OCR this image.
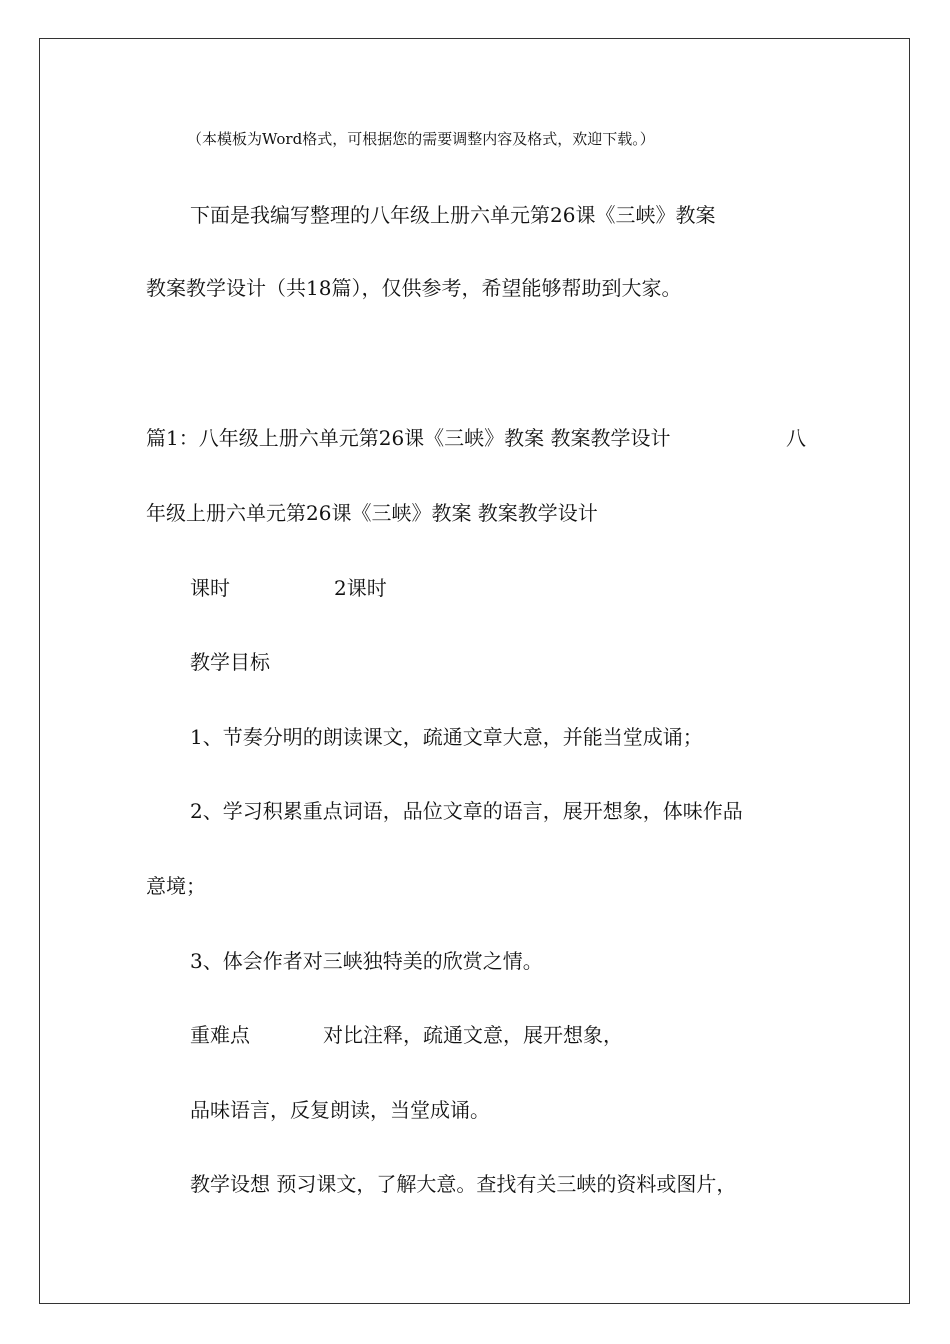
（本模板为Word格式，可根据您的需要调整内容及格式，欢迎下载。）
下面是我编写整理的八年级上册六单元第26课《三峡》教案
教案教学设计（共18篇），仅供参考，希望能够帮助到大家。
篇1：八年级上册六单元第26课《三峡》教案 教案教学设计	八
年级上册六单元第26课《三峡》教案 教案教学设计
课时	2课时
教学目标
1、节奏分明的朗读课文，疏通文章大意，并能当堂成诵；
2、学习积累重点词语，品位文章的语言，展开想象，体味作品
意境；
3、体会作者对三峡独特美的欣赏之情。
重难点	对比注释，疏通文意，展开想象，
品味语言，反复朗读，当堂成诵。
教学设想 预习课文，了解大意。查找有关三峡的资料或图片，
